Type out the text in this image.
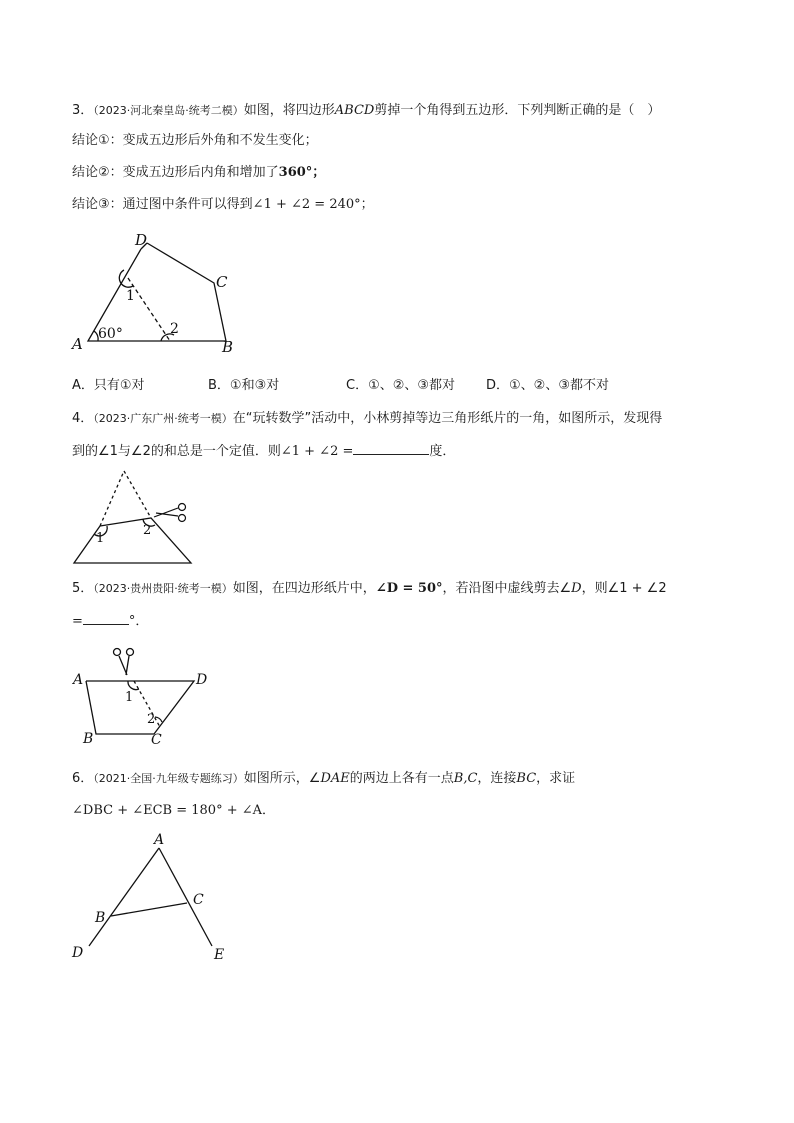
3．（2023·河北秦皇岛·统考二模）如图，将四边形ABCD剪掉一个角得到五边形．下列判断正确的是（　）
结论①：变成五边形后外角和不发生变化；
结论②：变成五边形后内角和增加了360°；
结论③：通过图中条件可以得到∠1 + ∠2 = 240°；
D
C
A	B
1
2
60°
A．只有①对	B．①和③对	C．①、②、③都对 D．①、②、③都不对
4．（2023·广东广州·统考一模）在“玩转数学”活动中，小林剪掉等边三角形纸片的一角，如图所示，发现得
到的∠1与∠2的和总是一个定值．则∠1 + ∠2 =	度．
1
2
5．（2023·贵州贵阳·统考一模）如图，在四边形纸片中，∠D = 50°，若沿图中虚线剪去∠D，则∠1 + ∠2
=	°．
A	D
B	C
1
2
6．（2021·全国·九年级专题练习）如图所示，∠DAE的两边上各有一点B,C，连接BC，求证
∠DBC + ∠ECB = 180° + ∠A．
A
B
C
D	E
